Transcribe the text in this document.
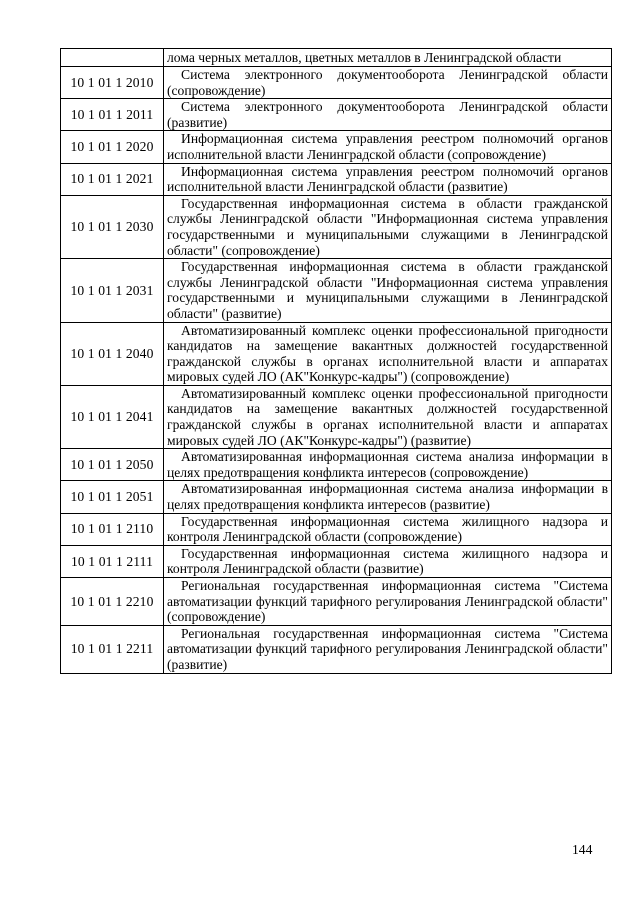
	лома черных металлов, цветных металлов в Ленинградской области
10 1 01 1 2010	Система электронного документооборота Ленинградской области (сопровождение)
10 1 01 1 2011	Система электронного документооборота Ленинградской области (развитие)
10 1 01 1 2020	Информационная система управления реестром полномочий органов исполнительной власти Ленинградской области (сопровождение)
10 1 01 1 2021	Информационная система управления реестром полномочий органов исполнительной власти Ленинградской области (развитие)
10 1 01 1 2030	Государственная информационная система в области гражданской службы Ленинградской области "Информационная система управления государственными и муниципальными служащими в Ленинградской области" (сопровождение)
10 1 01 1 2031	Государственная информационная система в области гражданской службы Ленинградской области "Информационная система управления государственными и муниципальными служащими в Ленинградской области" (развитие)
10 1 01 1 2040	Автоматизированный комплекс оценки профессиональной пригодности кандидатов на замещение вакантных должностей государственной гражданской службы в органах исполнительной власти и аппаратах мировых судей ЛО (АК"Конкурс-кадры") (сопровождение)
10 1 01 1 2041	Автоматизированный комплекс оценки профессиональной пригодности кандидатов на замещение вакантных должностей государственной гражданской службы в органах исполнительной власти и аппаратах мировых судей ЛО (АК"Конкурс-кадры") (развитие)
10 1 01 1 2050	Автоматизированная информационная система анализа информации в целях предотвращения конфликта интересов (сопровождение)
10 1 01 1 2051	Автоматизированная информационная система анализа информации в целях предотвращения конфликта интересов (развитие)
10 1 01 1 2110	Государственная информационная система жилищного надзора и контроля Ленинградской области (сопровождение)
10 1 01 1 2111	Государственная информационная система жилищного надзора и контроля Ленинградской области (развитие)
10 1 01 1 2210	Региональная государственная информационная система "Система автоматизации функций тарифного регулирования Ленинградской области" (сопровождение)
10 1 01 1 2211	Региональная государственная информационная система "Система автоматизации функций тарифного регулирования Ленинградской области" (развитие)
144
